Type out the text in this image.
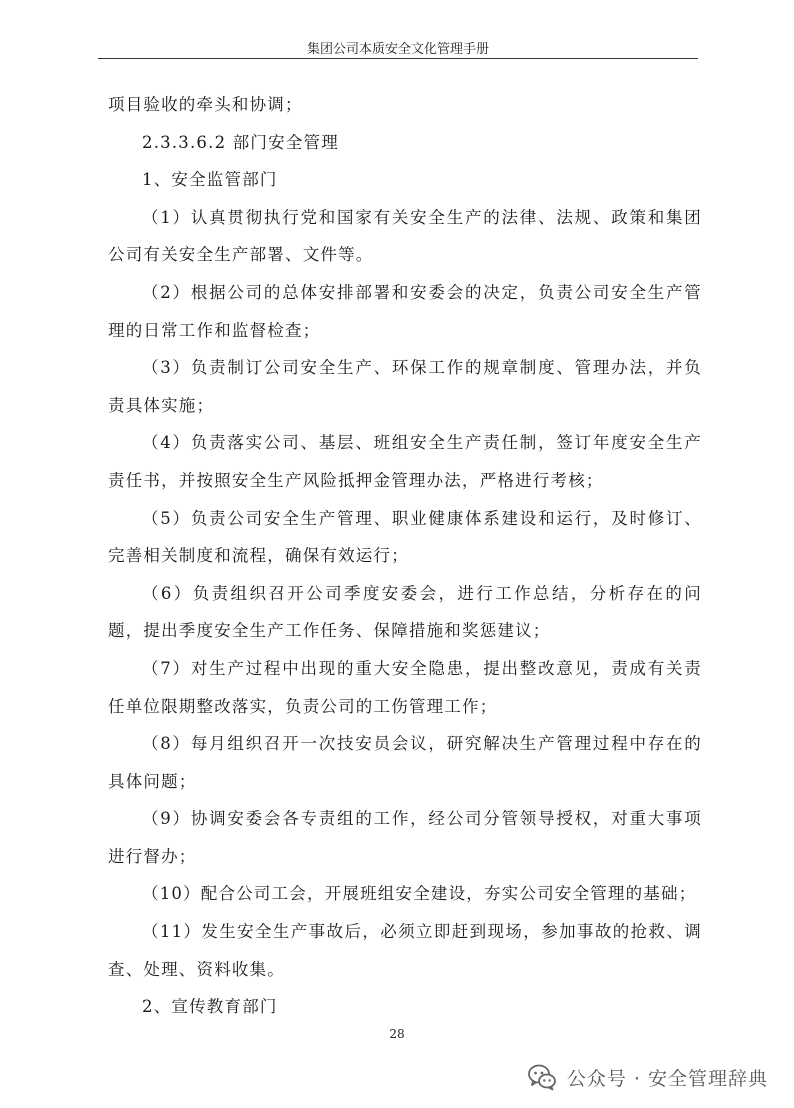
集团公司本质安全文化管理手册

项目验收的牵头和协调；

2.3.3.6.2 部门安全管理

1、安全监管部门

（1）认真贯彻执行党和国家有关安全生产的法律、法规、政策和集团公司有关安全生产部署、文件等。

（2）根据公司的总体安排部署和安委会的决定，负责公司安全生产管理的日常工作和监督检查；

（3）负责制订公司安全生产、环保工作的规章制度、管理办法，并负责具体实施；

（4）负责落实公司、基层、班组安全生产责任制，签订年度安全生产责任书，并按照安全生产风险抵押金管理办法，严格进行考核；

（5）负责公司安全生产管理、职业健康体系建设和运行，及时修订、完善相关制度和流程，确保有效运行；

（6）负责组织召开公司季度安委会，进行工作总结，分析存在的问题，提出季度安全生产工作任务、保障措施和奖惩建议；

（7）对生产过程中出现的重大安全隐患，提出整改意见，责成有关责任单位限期整改落实，负责公司的工伤管理工作；

（8）每月组织召开一次技安员会议，研究解决生产管理过程中存在的具体问题；

（9）协调安委会各专责组的工作，经公司分管领导授权，对重大事项进行督办；

（10）配合公司工会，开展班组安全建设，夯实公司安全管理的基础；

（11）发生安全生产事故后，必须立即赶到现场，参加事故的抢救、调查、处理、资料收集。

2、宣传教育部门

28
公众号 · 安全管理辞典
